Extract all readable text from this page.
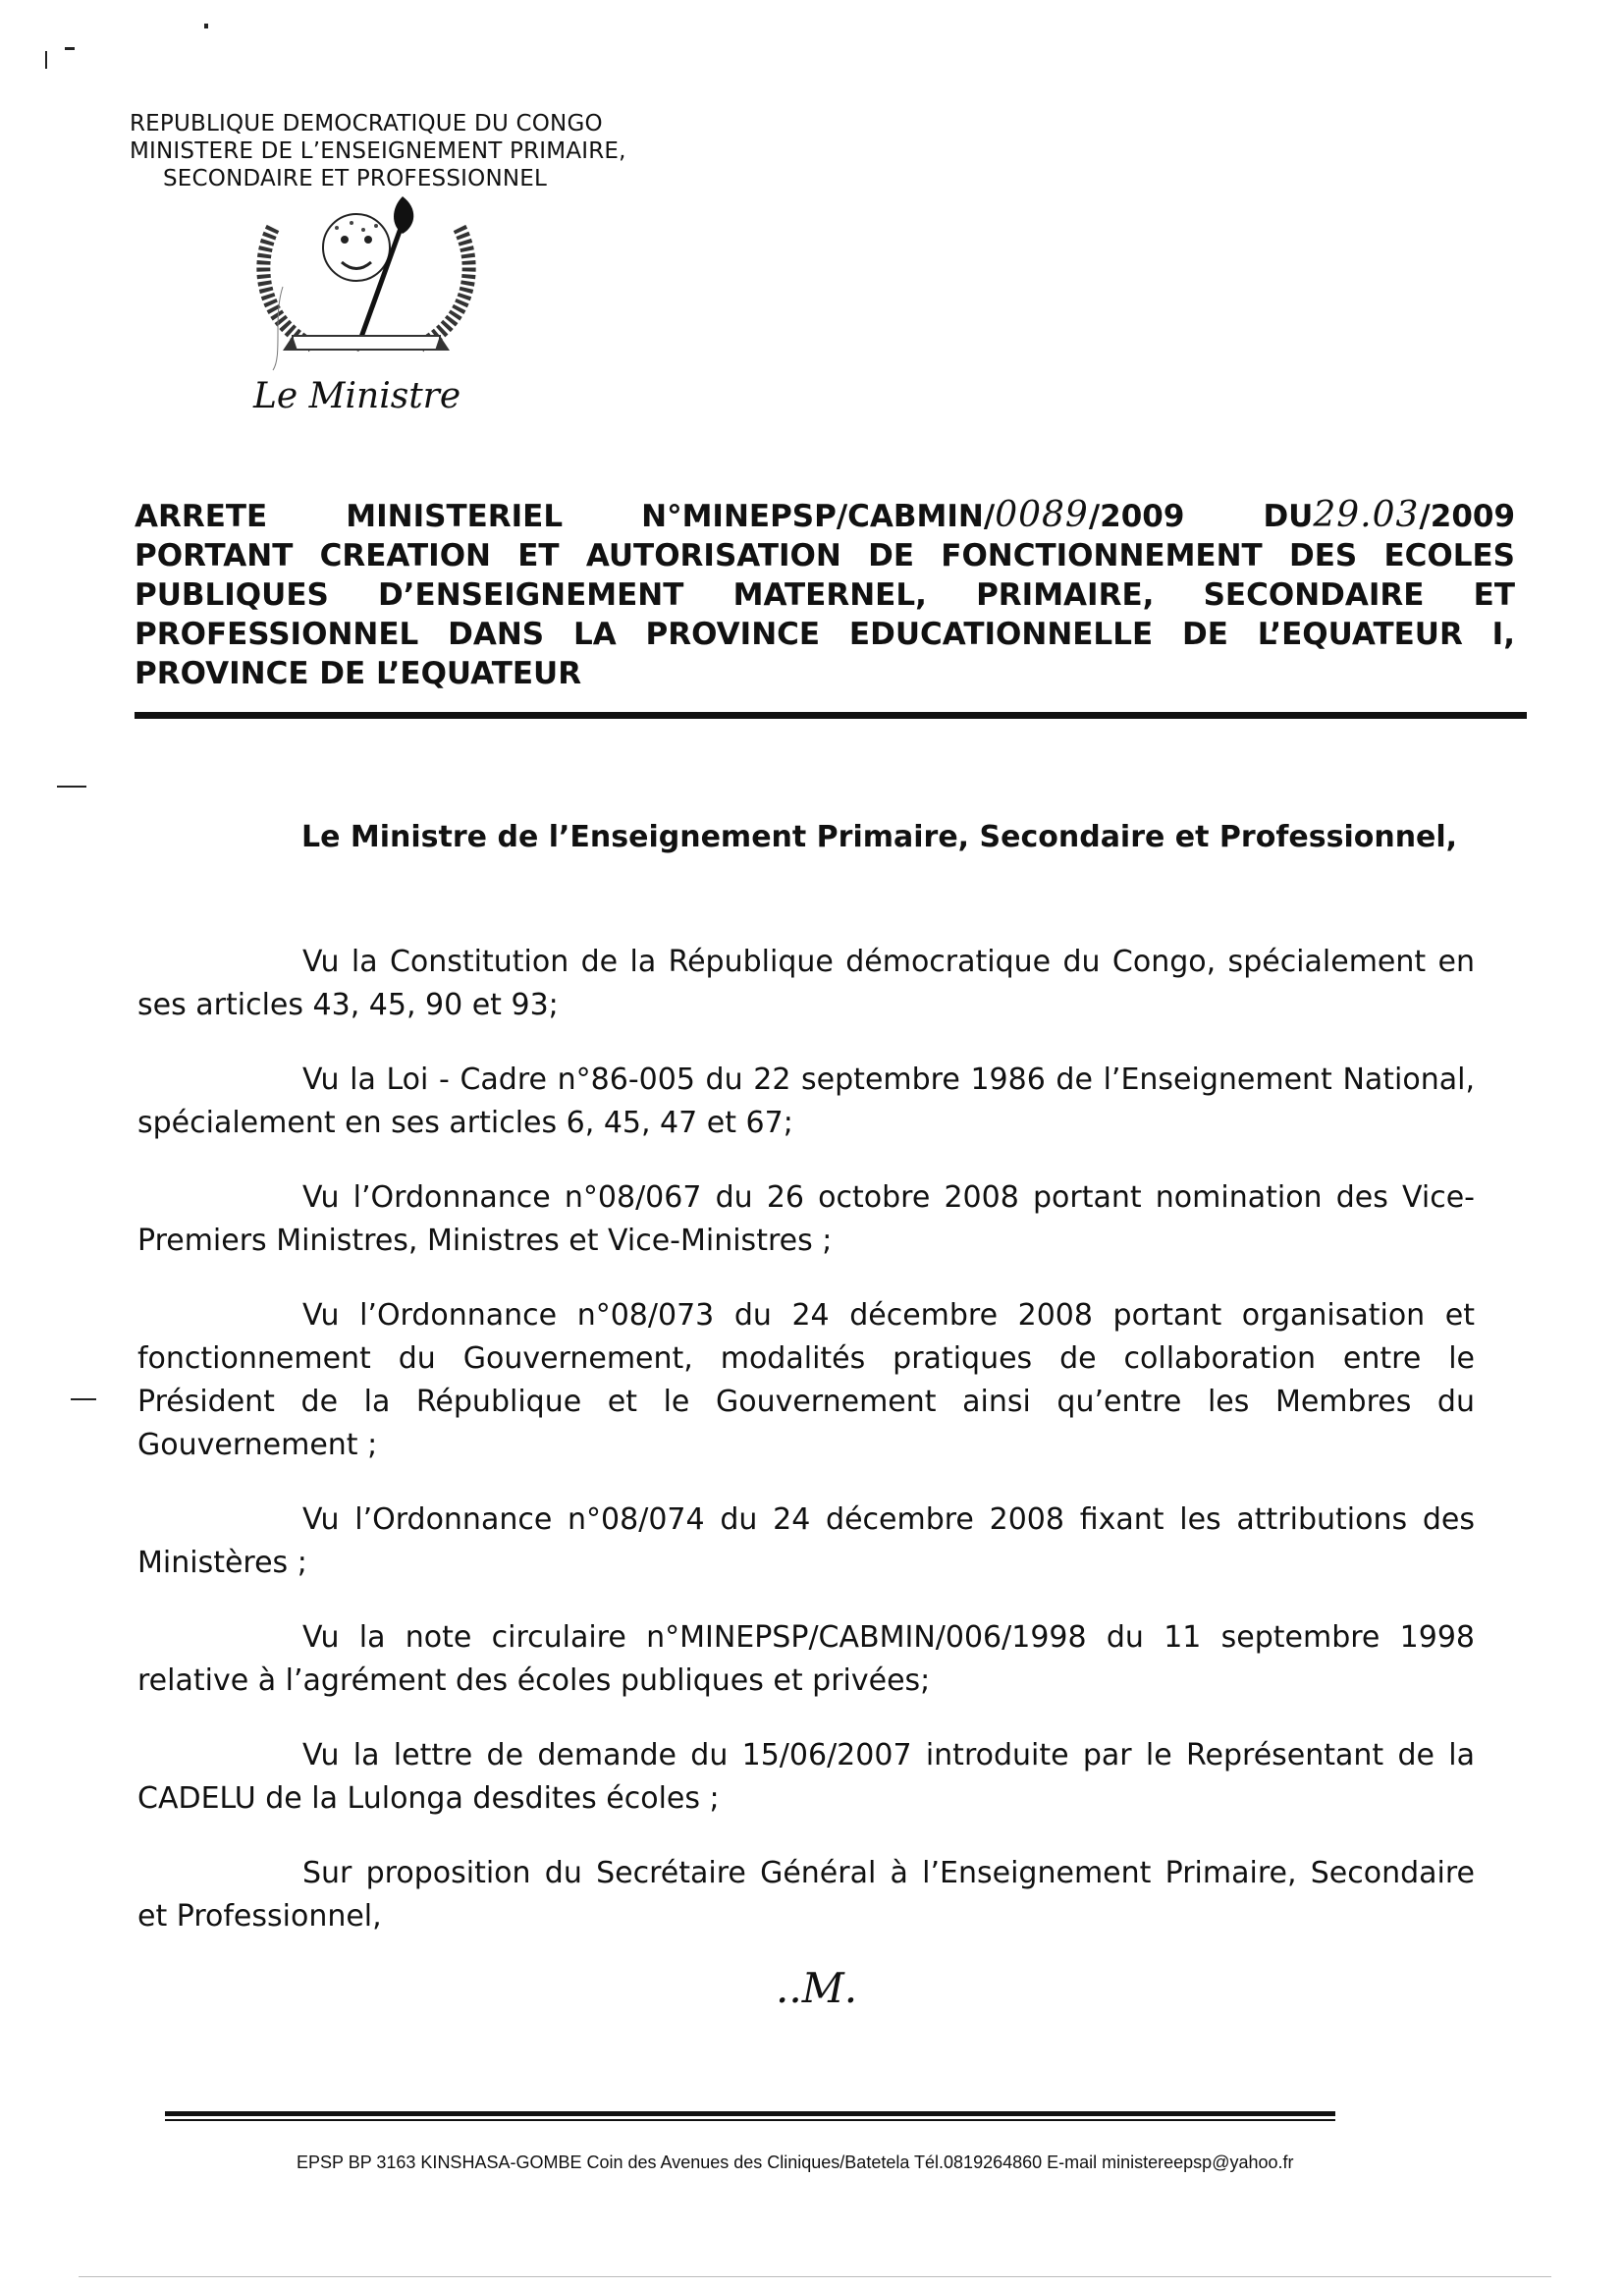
REPUBLIQUE DEMOCRATIQUE DU CONGO
MINISTERE DE L’ENSEIGNEMENT PRIMAIRE,
SECONDAIRE ET PROFESSIONNEL
Le Ministre
ARRETE	MINISTERIEL	N°MINEPSP/CABMIN/0089/2009	DU29.03/2009
PORTANT CREATION ET AUTORISATION DE FONCTIONNEMENT DES ECOLES
PUBLIQUES D’ENSEIGNEMENT MATERNEL, PRIMAIRE, SECONDAIRE ET
PROFESSIONNEL DANS LA PROVINCE EDUCATIONNELLE DE L’EQUATEUR I,
PROVINCE DE L’EQUATEUR
Le Ministre de l’Enseignement Primaire, Secondaire et Professionnel,

Vu la Constitution de la République démocratique du Congo, spécialement en ses articles 43, 45, 90 et 93;

Vu la Loi - Cadre n°86-005 du 22 septembre 1986 de l’Enseignement National, spécialement en ses articles 6, 45, 47 et 67;

Vu l’Ordonnance n°08/067 du 26 octobre 2008 portant nomination des Vice-Premiers Ministres, Ministres et Vice-Ministres ;

Vu l’Ordonnance n°08/073 du 24 décembre 2008 portant organisation et fonctionnement du Gouvernement, modalités pratiques de collaboration entre le Président de la République et le Gouvernement ainsi qu’entre les Membres du Gouvernement ;

Vu l’Ordonnance n°08/074 du 24 décembre 2008 fixant les attributions des Ministères ;

Vu la note circulaire n°MINEPSP/CABMIN/006/1998 du 11 septembre 1998 relative à l’agrément des écoles publiques et privées;

Vu la lettre de demande du 15/06/2007 introduite par le Représentant de la CADELU de la Lulonga desdites écoles ;

Sur proposition du Secrétaire Général à l’Enseignement Primaire, Secondaire et Professionnel,

..M.
EPSP BP 3163 KINSHASA-GOMBE Coin des Avenues des Cliniques/Batetela Tél.0819264860 E-mail ministereepsp@yahoo.fr
